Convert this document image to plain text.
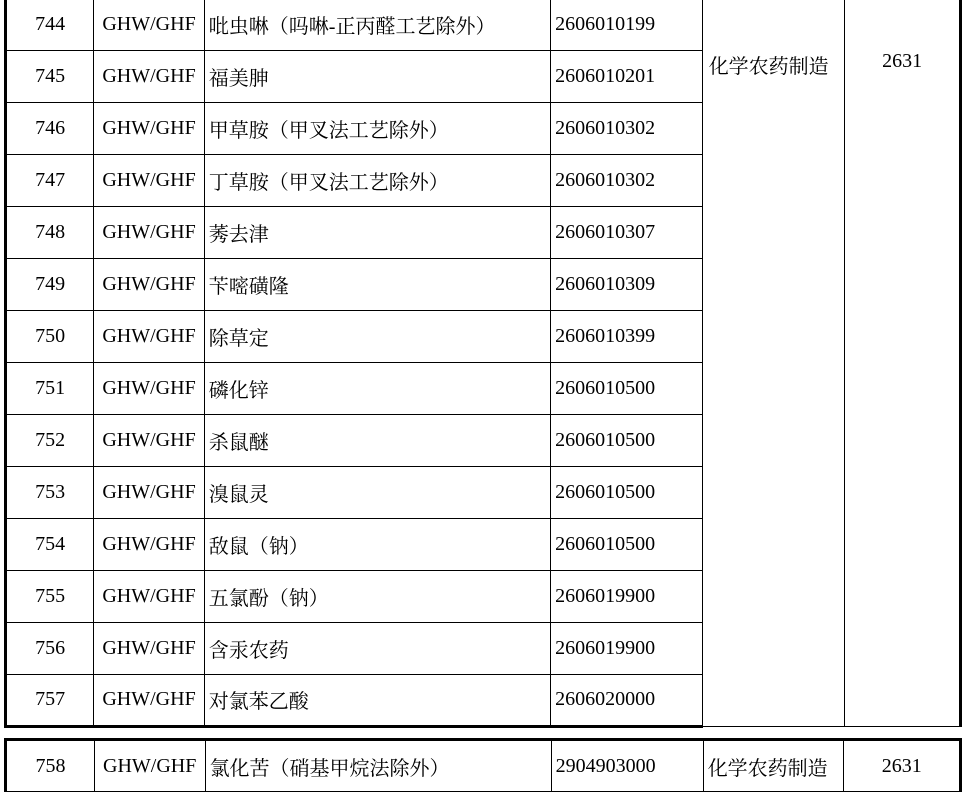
744	GHW/GHF	吡虫啉（吗啉-正丙醛工艺除外）	2606010199	化学农药制造	2631
745	GHW/GHF	福美胂	2606010201		
746	GHW/GHF	甲草胺（甲叉法工艺除外）	2606010302		
747	GHW/GHF	丁草胺（甲叉法工艺除外）	2606010302		
748	GHW/GHF	莠去津	2606010307		
749	GHW/GHF	苄嘧磺隆	2606010309		
750	GHW/GHF	除草定	2606010399		
751	GHW/GHF	磷化锌	2606010500		
752	GHW/GHF	杀鼠醚	2606010500		
753	GHW/GHF	溴鼠灵	2606010500		
754	GHW/GHF	敌鼠（钠）	2606010500		
755	GHW/GHF	五氯酚（钠）	2606019900		
756	GHW/GHF	含汞农药	2606019900		
757	GHW/GHF	对氯苯乙酸	2606020000		
758	GHW/GHF	氯化苦（硝基甲烷法除外）	2904903000	化学农药制造	2631
